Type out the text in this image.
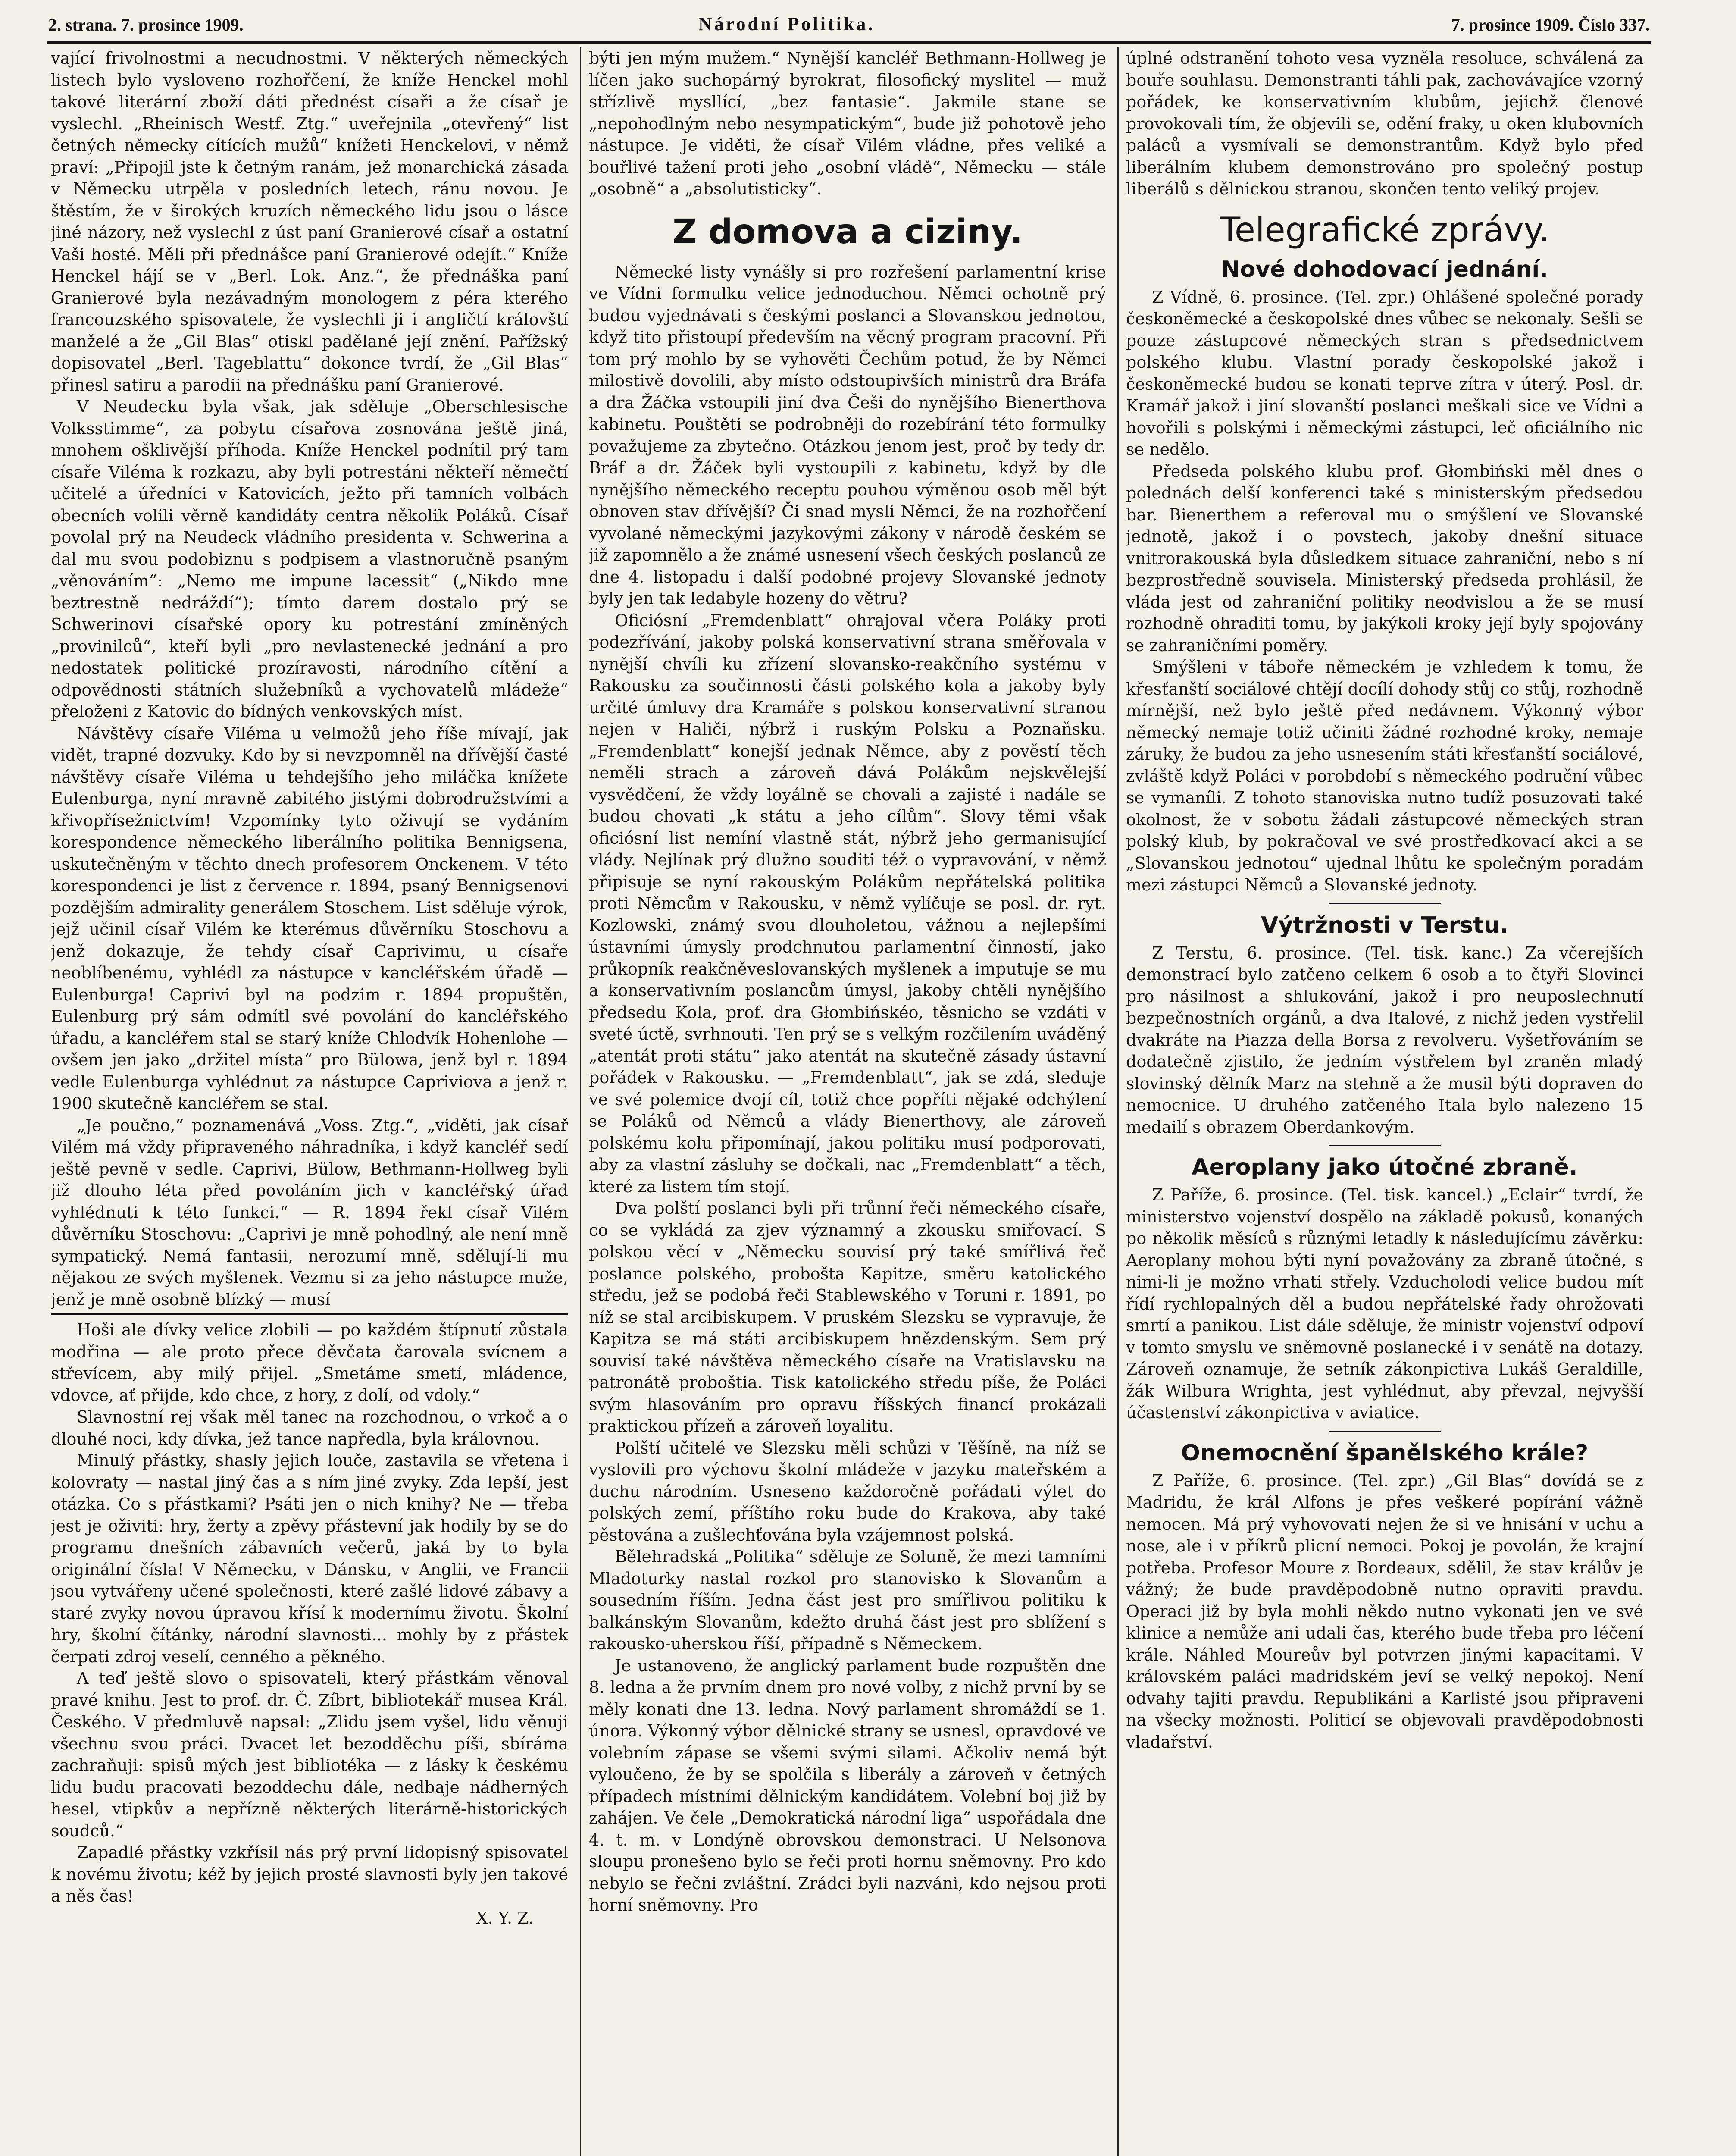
2. strana. 7. prosince 1909.	Národní Politika.	7. prosince 1909. Číslo 337.

vající frivolnostmi a necudnostmi. V některých německých listech bylo vysloveno rozhořčení, že kníže Henckel mohl takové literární zboží dáti přednést císaři a že císař je vyslechl. „Rheinisch Westf. Ztg.“ uveřejnila „otevřený“ list četných německy cítících mužů“ knížeti Henckelovi, v němž praví: „Připojil jste k četným ranám, jež monarchická zásada v Německu utrpěla v posledních letech, ránu novou. Je štěstím, že v širokých kruzích německého lidu jsou o lásce jiné názory, než vyslechl z úst paní Granierové císař a ostatní Vaši hosté. Měli při přednášce paní Granierové odejít.“ Kníže Henckel hájí se v „Berl. Lok. Anz.“, že přednáška paní Granierové byla nezávadným monologem z péra kterého francouzského spisovatele, že vyslechli ji i angličtí královští manželé a že „Gil Blas“ otiskl padělané její znění. Pařížský dopisovatel „Berl. Tageblattu“ dokonce tvrdí, že „Gil Blas“ přinesl satiru a parodii na přednášku paní Granierové.

V Neudecku byla však, jak sděluje „Oberschlesische Volksstimme“, za pobytu císařova zosnována ještě jiná, mnohem ošklivější příhoda. Kníže Henckel podnítil prý tam císaře Viléma k rozkazu, aby byli potrestáni někteří němečtí učitelé a úředníci v Katovicích, ježto při tamních volbách obecních volili věrně kandidáty centra několik Poláků. Císař povolal prý na Neudeck vládního presidenta v. Schwerina a dal mu svou podobiznu s podpisem a vlastnoručně psaným „věnováním“: „Nemo me impune lacessit“ („Nikdo mne beztrestně nedráždí“); tímto darem dostalo prý se Schwerinovi císařské opory ku potrestání zmíněných „provinilců“, kteří byli „pro nevlastenecké jednání a pro nedostatek politické prozíravosti, národního cítění a odpovědnosti státních služebníků a vychovatelů mládeže“ přeloženi z Katovic do bídných venkovských míst.

Návštěvy císaře Viléma u velmožů jeho říše mívají, jak vidět, trapné dozvuky. Kdo by si nevzpomněl na dřívější časté návštěvy císaře Viléma u tehdejšího jeho miláčka knížete Eulenburga, nyní mravně zabitého jistými dobrodružstvími a křivopřísežnictvím! Vzpomínky tyto oživují se vydáním korespondence německého liberálního politika Bennigsena, uskutečněným v těchto dnech profesorem Onckenem. V této korespondenci je list z července r. 1894, psaný Bennigsenovi pozdějším admirality generálem Stoschem. List sděluje výrok, jejž učinil císař Vilém ke kterémus důvěrníku Stoschovu a jenž dokazuje, že tehdy císař Caprivimu, u císaře neoblíbenému, vyhlédl za nástupce v kancléřském úřadě — Eulenburga! Caprivi byl na podzim r. 1894 propuštěn, Eulenburg prý sám odmítl své povolání do kancléřského úřadu, a kancléřem stal se starý kníže Chlodvík Hohenlohe — ovšem jen jako „držitel místa“ pro Bülowa, jenž byl r. 1894 vedle Eulenburga vyhlédnut za nástupce Capriviova a jenž r. 1900 skutečně kancléřem se stal.

„Je poučno,“ poznamenává „Voss. Ztg.“, „viděti, jak císař Vilém má vždy připraveného náhradníka, i když kancléř sedí ještě pevně v sedle. Caprivi, Bülow, Bethmann-Hollweg byli již dlouho léta před povoláním jich v kancléřský úřad vyhlédnuti k této funkci.“ — R. 1894 řekl císař Vilém důvěrníku Stoschovu: „Caprivi je mně pohodlný, ale není mně sympatický. Nemá fantasii, nerozumí mně, sdělují-li mu nějakou ze svých myšlenek. Vezmu si za jeho nástupce muže, jenž je mně osobně blízký — musí

Hoši ale dívky velice zlobili — po každém štípnutí zůstala modřina — ale proto přece děvčata čarovala svícnem a střevícem, aby milý přijel. „Smetáme smetí, mládence, vdovce, ať přijde, kdo chce, z hory, z dolí, od vdoly.“

Slavnostní rej však měl tanec na rozchodnou, o vrkoč a o dlouhé noci, kdy dívka, jež tance napředla, byla královnou.

Minulý přástky, shasly jejich louče, zastavila se vřetena i kolovraty — nastal jiný čas a s ním jiné zvyky. Zda lepší, jest otázka. Co s přástkami? Psáti jen o nich knihy? Ne — třeba jest je oživiti: hry, žerty a zpěvy přástevní jak hodily by se do programu dnešních zábavních večerů, jaká by to byla originální čísla! V Německu, v Dánsku, v Anglii, ve Francii jsou vytvářeny učené společnosti, které zašlé lidové zábavy a staré zvyky novou úpravou křísí k modernímu životu. Školní hry, školní čítánky, národní slavnosti... mohly by z přástek čerpati zdroj veselí, cenného a pěkného.

A teď ještě slovo o spisovateli, který přástkám věnoval pravé knihu. Jest to prof. dr. Č. Zíbrt, bibliotekář musea Král. Českého. V předmluvě napsal: „Zlidu jsem vyšel, lidu věnuji všechnu svou práci. Dvacet let bezodděchu píši, sbíráma zachraňuji: spisů mých jest bibliotéka — z lásky k českému lidu budu pracovati bezoddechu dále, nedbaje nádherných hesel, vtipkův a nepřízně některých literárně-historických soudců.“

Zapadlé přástky vzkřísil nás prý první lidopisný spisovatel k novému životu; kéž by jejich prosté slavnosti byly jen takové a něs čas!

X. Y. Z.

býti jen mým mužem.“ Nynější kancléř Bethmann-Hollweg je líčen jako suchopárný byrokrat, filosofický myslitel — muž střízlivě mysllící, „bez fantasie“. Jakmile stane se „nepohodlným nebo nesympatickým“, bude již pohotově jeho nástupce. Je viděti, že císař Vilém vládne, přes veliké a bouřlivé tažení proti jeho „osobní vládě“, Německu — stále „osobně“ a „absolutisticky“.

Z domova a ciziny.

Německé listy vynášly si pro rozřešení parlamentní krise ve Vídni formulku velice jednoduchou. Němci ochotně prý budou vyjednávati s českými poslanci a Slovanskou jednotou, když tito přistoupí především na věcný program pracovní. Při tom prý mohlo by se vyhověti Čechům potud, že by Němci milostivě dovolili, aby místo odstoupivších ministrů dra Bráfa a dra Žáčka vstoupili jiní dva Češi do nynějšího Bienerthova kabinetu. Pouštěti se podrobněji do rozebírání této formulky považujeme za zbytečno. Otázkou jenom jest, proč by tedy dr. Bráf a dr. Žáček byli vystoupili z kabinetu, když by dle nynějšího německého receptu pouhou výměnou osob měl být obnoven stav dřívější? Či snad mysli Němci, že na rozhořčení vyvolané německými jazykovými zákony v národě českém se již zapomnělo a že známé usnesení všech českých poslanců ze dne 4. listopadu i další podobné projevy Slovanské jednoty byly jen tak ledabyle hozeny do větru?

Oficiósní „Fremdenblatt“ ohrajoval včera Poláky proti podezřívání, jakoby polská konservativní strana směřovala v nynější chvíli ku zřízení slovansko-reakčního systému v Rakousku za součinnosti části polského kola a jakoby byly určité úmluvy dra Kramáře s polskou konservativní stranou nejen v Haliči, nýbrž i ruským Polsku a Poznaňsku. „Fremdenblatt“ konejší jednak Němce, aby z pověstí těch neměli strach a zároveň dává Polákům nejskvělejší vysvědčení, že vždy loyálně se chovali a zajisté i nadále se budou chovati „k státu a jeho cílům“. Slovy těmi však oficiósní list nemíní vlastně stát, nýbrž jeho germanisující vlády. Nejlínak prý dlužno souditi též o vypravování, v němž připisuje se nyní rakouským Polákům nepřátelská politika proti Němcům v Rakousku, v němž vylíčuje se posl. dr. ryt. Kozlowski, známý svou dlouholetou, vážnou a nejlepšími ústavními úmysly prodchnutou parlamentní činností, jako průkopník reakčněveslovanských myšlenek a imputuje se mu a konservativním poslancům úmysl, jakoby chtěli nynějšího předsedu Kola, prof. dra Głombińskéo, těsnicho se vzdáti v sveté úctě, svrhnouti. Ten prý se s velkým rozčilením uváděný „atentát proti státu“ jako atentát na skutečně zásady ústavní pořádek v Rakousku. — „Fremdenblatt“, jak se zdá, sleduje ve své polemice dvojí cíl, totiž chce popříti nějaké odchýlení se Poláků od Němců a vlády Bienerthovy, ale zároveň polskému kolu připomínají, jakou politiku musí podporovati, aby za vlastní zásluhy se dočkali, nac „Fremdenblatt“ a těch, které za listem tím stojí.

Dva polští poslanci byli při trůnní řeči německého císaře, co se vykládá za zjev významný a zkousku smiřovací. S polskou věcí v „Německu souvisí prý také smířlivá řeč poslance polského, probošta Kapitze, směru katolického středu, jež se podobá řeči Stablewského v Toruni r. 1891, po níž se stal arcibiskupem. V pruském Slezsku se vypravuje, že Kapitza se má státi arcibiskupem hnězdenským. Sem prý souvisí také návštěva německého císaře na Vratislavsku na patronátě proboštia. Tisk katolického středu píše, že Poláci svým hlasováním pro opravu říšských financí prokázali praktickou přízeň a zároveň loyalitu.

Polští učitelé ve Slezsku měli schůzi v Těšíně, na níž se vyslovili pro výchovu školní mládeže v jazyku mateřském a duchu národním. Usneseno každoročně pořádati výlet do polských zemí, příštího roku bude do Krakova, aby také pěstována a zušlechťována byla vzájemnost polská.

Bělehradská „Politika“ sděluje ze Soluně, že mezi tamními Mladoturky nastal rozkol pro stanovisko k Slovanům a sousedním říším. Jedna část jest pro smířlivou politiku k balkánským Slovanům, kdežto druhá část jest pro sblížení s rakousko-uherskou říší, případně s Německem.

Je ustanoveno, že anglický parlament bude rozpuštěn dne 8. ledna a že prvním dnem pro nové volby, z nichž první by se měly konati dne 13. ledna. Nový parlament shromáždí se 1. února. Výkonný výbor dělnické strany se usnesl, opravdové ve volebním zápase se všemi svými silami. Ačkoliv nemá být vyloučeno, že by se spolčila s liberály a zároveň v četných případech místními dělnickým kandidátem. Volební boj již by zahájen. Ve čele „Demokratická národní liga“ uspořádala dne 4. t. m. v Londýně obrovskou demonstraci. U Nelsonova sloupu pronešeno bylo se řeči proti hornu sněmovny. Pro kdo nebylo se řečni zvláštní. Zrádci byli nazváni, kdo nejsou proti horní sněmovny. Pro

úplné odstranění tohoto vesa vyzněla resoluce, schválená za bouře souhlasu. Demonstranti táhli pak, zachovávajíce vzorný pořádek, ke konservativním klubům, jejichž členové provokovali tím, že objevili se, odění fraky, u oken klubovních paláců a vysmívali se demonstrantům. Když bylo před liberálním klubem demonstrováno pro společný postup liberálů s dělnickou stranou, skončen tento veliký projev.

Telegrafické zprávy.
Nové dohodovací jednání.

Z Vídně, 6. prosince. (Tel. zpr.) Ohlášené společné porady českoněmecké a českopolské dnes vůbec se nekonaly. Sešli se pouze zástupcové německých stran s předsednictvem polského klubu. Vlastní porady českopolské jakož i českoněmecké budou se konati teprve zítra v úterý. Posl. dr. Kramář jakož i jiní slovanští poslanci meškali sice ve Vídni a hovořili s polskými i německými zástupci, leč oficiálního nic se nedělo.

Předseda polského klubu prof. Głombiński měl dnes o polednách delší konferenci také s ministerským předsedou bar. Bienerthem a referoval mu o smýšlení ve Slovanské jednotě, jakož i o povstech, jakoby dnešní situace vnitrorakouská byla důsledkem situace zahraniční, nebo s ní bezprostředně souvisela. Ministerský předseda prohlásil, že vláda jest od zahraniční politiky neodvislou a že se musí rozhodně ohraditi tomu, by jakýkoli kroky její byly spojovány se zahraničními poměry.

Smýšleni v táboře německém je vzhledem k tomu, že křesťanští sociálové chtějí docílí dohody stůj co stůj, rozhodně mírnější, než bylo ještě před nedávnem. Výkonný výbor německý nemaje totiž učiniti žádné rozhodné kroky, nemaje záruky, že budou za jeho usnesením státi křesťanští sociálové, zvláště když Poláci v porobdobí s německého područní vůbec se vymaníli. Z tohoto stanoviska nutno tudíž posuzovati také okolnost, že v sobotu žádali zástupcové německých stran polský klub, by pokračoval ve své prostředkovací akci a se „Slovanskou jednotou“ ujednal lhůtu ke společným poradám mezi zástupci Němců a Slovanské jednoty.

Výtržnosti v Terstu.

Z Terstu, 6. prosince. (Tel. tisk. kanc.) Za včerejších demonstrací bylo zatčeno celkem 6 osob a to čtyři Slovinci pro násilnost a shlukování, jakož i pro neuposlechnutí bezpečnostních orgánů, a dva Italové, z nichž jeden vystřelil dvakráte na Piazza della Borsa z revolveru. Vyšetřováním se dodatečně zjistilo, že jedním výstřelem byl zraněn mladý slovinský dělník Marz na stehně a že musil býti dopraven do nemocnice. U druhého zatčeného Itala bylo nalezeno 15 medailí s obrazem Oberdankovým.

Aeroplany jako útočné zbraně.

Z Paříže, 6. prosince. (Tel. tisk. kancel.) „Eclair“ tvrdí, že ministerstvo vojenství dospělo na základě pokusů, konaných po několik měsíců s různými letadly k následujícímu závěrku: Aeroplany mohou býti nyní považovány za zbraně útočné, s nimi-li je možno vrhati střely. Vzducholodi velice budou mít řídí rychlopalných děl a budou nepřátelské řady ohrožovati smrtí a panikou. List dále sděluje, že ministr vojenství odpoví v tomto smyslu ve sněmovně poslanecké i v senátě na dotazy. Zároveň oznamuje, že setník zákonpictiva Lukáš Geraldille, žák Wilbura Wrighta, jest vyhlédnut, aby převzal, nejvyšší účastenství zákonpictiva v aviatice.

Onemocnění španělského krále?

Z Paříže, 6. prosince. (Tel. zpr.) „Gil Blas“ dovídá se z Madridu, že král Alfons je přes veškeré popírání vážně nemocen. Má prý vyhovovati nejen že si ve hnisání v uchu a nose, ale i v příkrů plicní nemoci. Pokoj je povolán, že krajní potřeba. Profesor Moure z Bordeaux, sdělil, že stav králův je vážný; že bude pravděpodobně nutno opraviti pravdu. Operaci již by byla mohli někdo nutno vykonati jen ve své klinice a nemůže ani udali čas, kterého bude třeba pro léčení krále. Náhled Moureův byl potvrzen jinými kapacitami. V královském paláci madridském jeví se velký nepokoj. Není odvahy tajiti pravdu. Republikáni a Karlisté jsou připraveni na všecky možnosti. Politicí se objevovali pravděpodobnosti vladařství.
